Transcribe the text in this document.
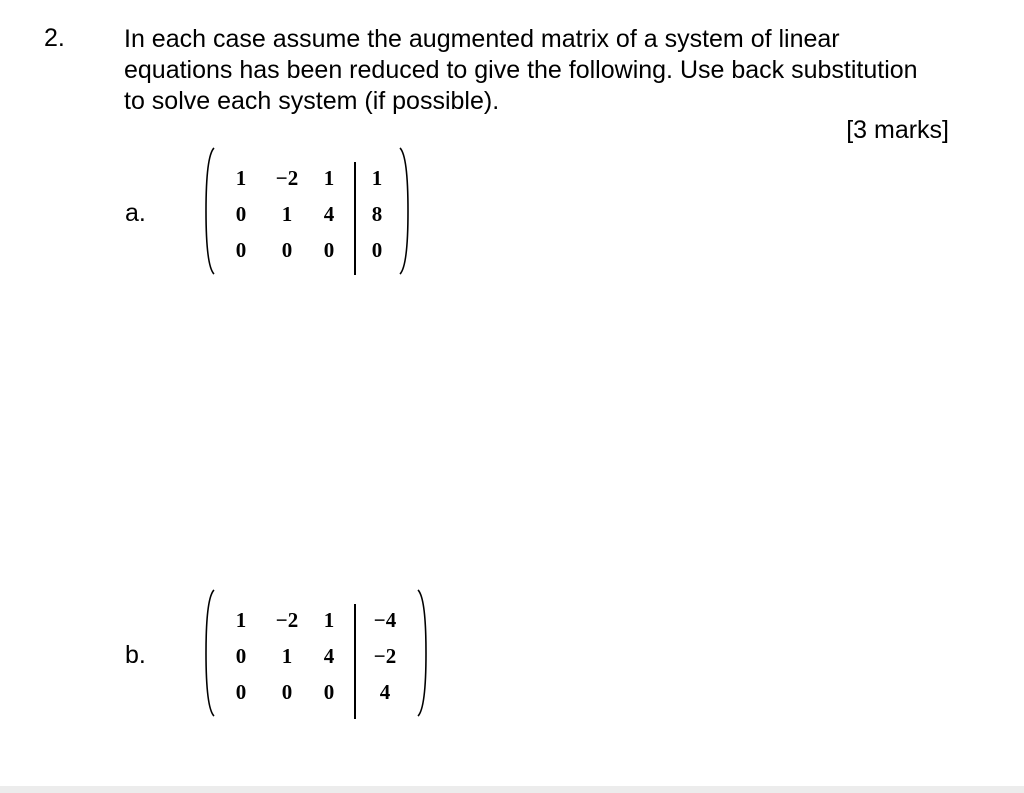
2. In each case assume the augmented matrix of a system of linear
equations has been reduced to give the following. Use back substitution
to solve each system (if possible).
[3 marks]
a.
1	−2	1	1
0	1	4	8
0	0	0	0
b.
1	−2	1	−4
0	1	4	−2
0	0	0	4
